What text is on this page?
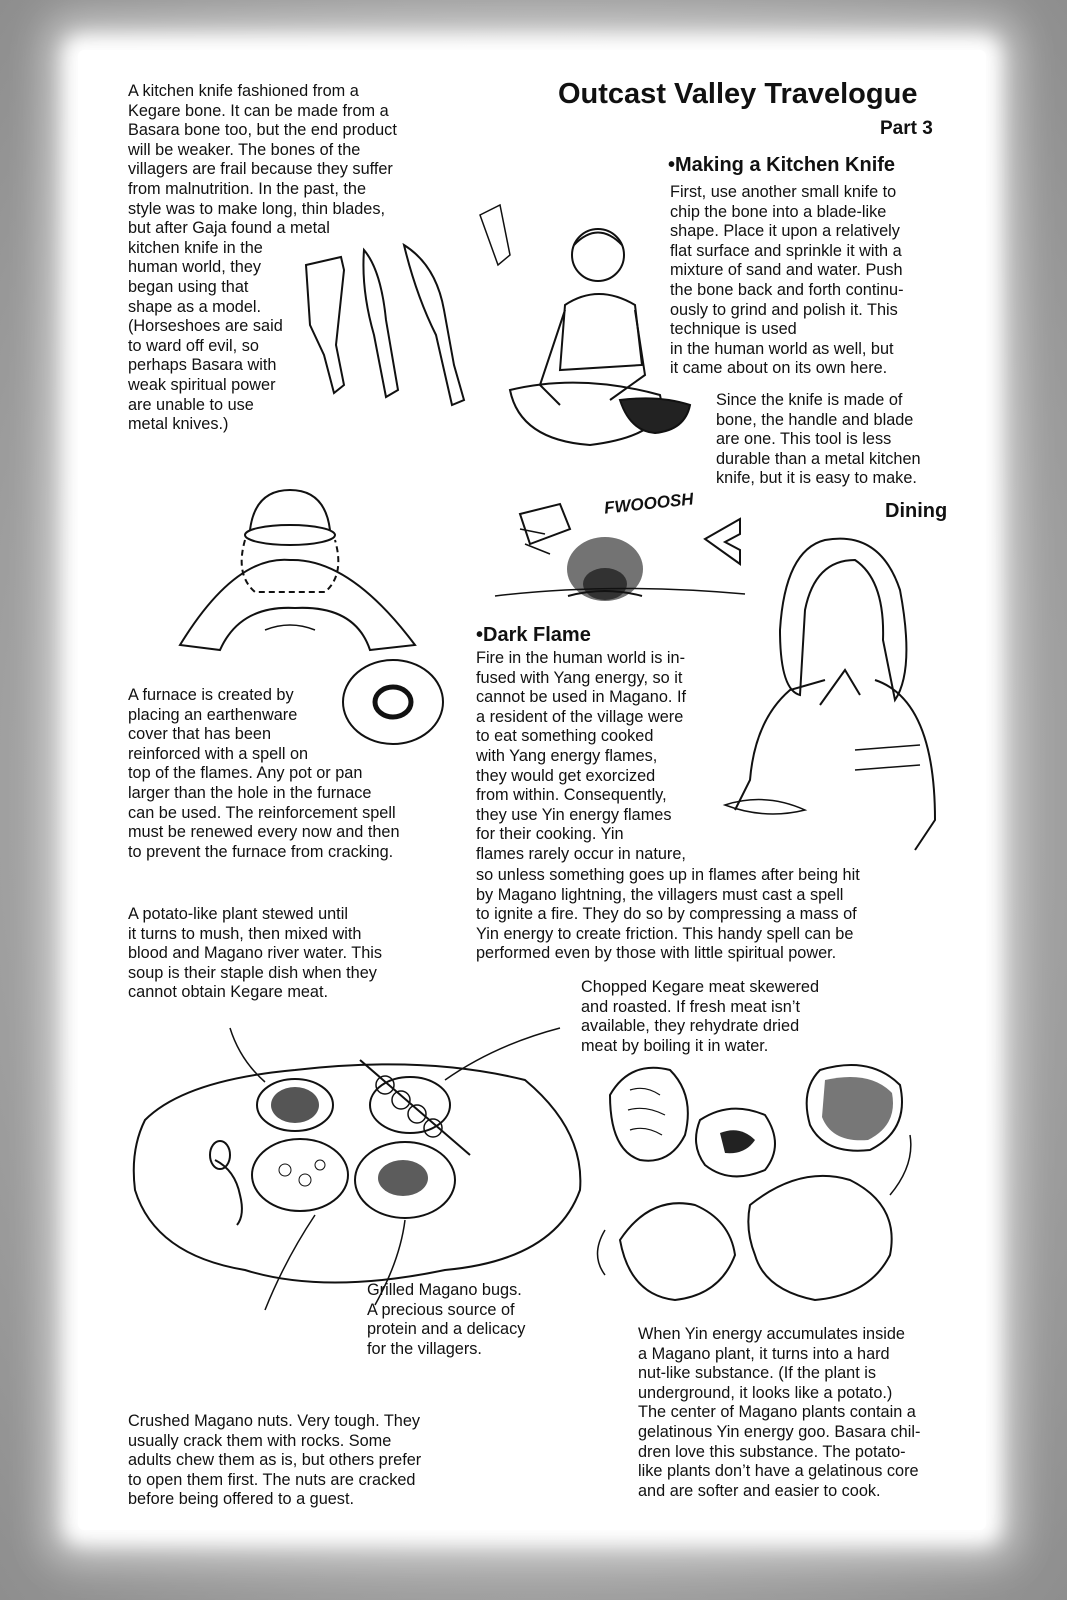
Outcast Valley Travelogue
Part 3
A kitchen knife fashioned from a
Kegare bone. It can be made from a
Basara bone too, but the end product
will be weaker. The bones of the
villagers are frail because they suffer
from malnutrition. In the past, the
style was to make long, thin blades,
but after Gaja found a metal
kitchen knife in the
human world, they
began using that
shape as a model.
(Horseshoes are said
to ward off evil, so
perhaps Basara with
weak spiritual power
are unable to use
metal knives.)
•Making a Kitchen Knife
First, use another small knife to
chip the bone into a blade-like
shape. Place it upon a relatively
flat surface and sprinkle it with a
mixture of sand and water. Push
the bone back and forth continu-
ously to grind and polish it. This
technique is used
in the human world as well, but
it came about on its own here.
Since the knife is made of
bone, the handle and blade
are one. This tool is less
durable than a metal kitchen
knife, but it is easy to make.
A furnace is created by
placing an earthenware
cover that has been
reinforced with a spell on
top of the flames. Any pot or pan
larger than the hole in the furnace
can be used. The reinforcement spell
must be renewed every now and then
to prevent the furnace from cracking.
FWOOOSH	Dining
•Dark Flame
Fire in the human world is in-
fused with Yang energy, so it
cannot be used in Magano. If
a resident of the village were
to eat something cooked
with Yang energy flames,
they would get exorcized
from within. Consequently,
they use Yin energy flames
for their cooking. Yin
flames rarely occur in nature,
so unless something goes up in flames after being hit
by Magano lightning, the villagers must cast a spell
to ignite a fire. They do so by compressing a mass of
Yin energy to create friction. This handy spell can be
performed even by those with little spiritual power.
A potato-like plant stewed until
it turns to mush, then mixed with
blood and Magano river water. This
soup is their staple dish when they
cannot obtain Kegare meat.	Chopped Kegare meat skewered
and roasted. If fresh meat isn’t
available, they rehydrate dried
meat by boiling it in water.
Grilled Magano bugs.
A precious source of
protein and a delicacy
for the villagers.
Crushed Magano nuts. Very tough. They
usually crack them with rocks. Some
adults chew them as is, but others prefer
to open them first. The nuts are cracked
before being offered to a guest.
When Yin energy accumulates inside
a Magano plant, it turns into a hard
nut-like substance. (If the plant is
underground, it looks like a potato.)
The center of Magano plants contain a
gelatinous Yin energy goo. Basara chil-
dren love this substance. The potato-
like plants don’t have a gelatinous core
and are softer and easier to cook.
